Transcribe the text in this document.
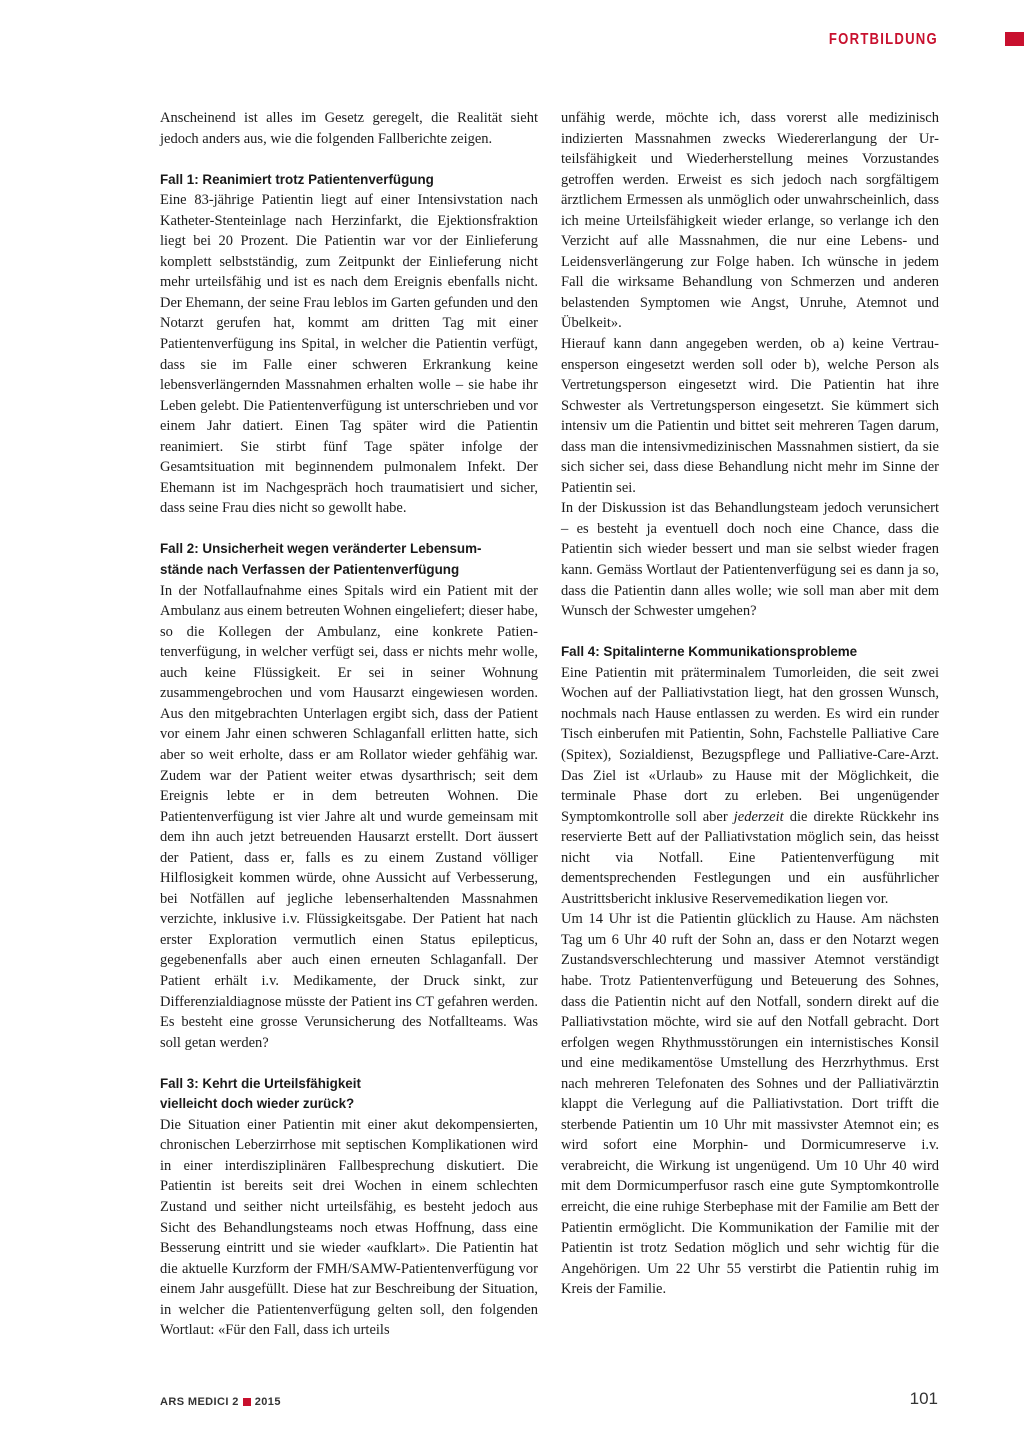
FORTBILDUNG

Anscheinend ist alles im Gesetz geregelt, die Realität sieht jedoch anders aus, wie die folgenden Fallberichte zeigen.

Fall 1: Reanimiert trotz Patientenverfügung

Eine 83-jährige Patientin liegt auf einer Intensivstation nach Katheter-Stenteinlage nach Herzinfarkt, die Ejektionsfraktion liegt bei 20 Prozent. Die Patientin war vor der Einlieferung komplett selbstständig, zum Zeitpunkt der Einlieferung nicht mehr urteilsfähig und ist es nach dem Ereignis ebenfalls nicht. Der Ehemann, der seine Frau leblos im Garten gefunden und den Notarzt gerufen hat, kommt am dritten Tag mit einer Patientenverfügung ins Spital, in welcher die Patientin verfügt, dass sie im Falle einer schweren Erkrankung keine lebensverlängernden Massnahmen erhalten wolle – sie habe ihr Leben gelebt. Die Patientenverfügung ist unterschrieben und vor einem Jahr datiert. Einen Tag später wird die Patientin reanimiert. Sie stirbt fünf Tage später infolge der Gesamtsituation mit beginnendem pulmonalem Infekt. Der Ehemann ist im Nachgespräch hoch traumatisiert und sicher, dass seine Frau dies nicht so gewollt habe.

Fall 2: Unsicherheit wegen veränderter Lebensum-
stände nach Verfassen der Patientenverfügung

In der Notfallaufnahme eines Spitals wird ein Patient mit der Ambulanz aus einem betreuten Wohnen eingeliefert; dieser habe, so die Kollegen der Ambulanz, eine konkrete Patientenverfügung, in welcher verfügt sei, dass er nichts mehr wolle, auch keine Flüssigkeit. Er sei in seiner Wohnung zusammengebrochen und vom Hausarzt eingewiesen worden. Aus den mitgebrachten Unterlagen ergibt sich, dass der Patient vor einem Jahr einen schweren Schlaganfall erlitten hatte, sich aber so weit erholte, dass er am Rollator wieder gehfähig war. Zudem war der Patient weiter etwas dysarthrisch; seit dem Ereignis lebte er in dem betreuten Wohnen. Die Patientenverfügung ist vier Jahre alt und wurde gemeinsam mit dem ihn auch jetzt betreuenden Hausarzt erstellt. Dort äussert der Patient, dass er, falls es zu einem Zustand völliger Hilflosigkeit kommen würde, ohne Aussicht auf Verbesserung, bei Notfällen auf jegliche lebenserhaltenden Massnahmen verzichte, inklusive i.v. Flüssigkeitsgabe. Der Patient hat nach erster Exploration vermutlich einen Status epilepticus, gegebenenfalls aber auch einen erneuten Schlaganfall. Der Patient erhält i.v. Medikamente, der Druck sinkt, zur Differenzialdiagnose müsste der Patient ins CT gefahren werden. Es besteht eine grosse Verunsicherung des Notfallteams. Was soll getan werden?

Fall 3: Kehrt die Urteilsfähigkeit
vielleicht doch wieder zurück?

Die Situation einer Patientin mit einer akut dekompensierten, chronischen Leberzirrhose mit septischen Komplikationen wird in einer interdisziplinären Fallbesprechung diskutiert. Die Patientin ist bereits seit drei Wochen in einem schlechten Zustand und seither nicht urteilsfähig, es besteht jedoch aus Sicht des Behandlungsteams noch etwas Hoffnung, dass eine Besserung eintritt und sie wieder «aufklart». Die Patientin hat die aktuelle Kurzform der FMH/SAMW-Patientenverfügung vor einem Jahr ausgefüllt. Diese hat zur Beschreibung der Situation, in welcher die Patientenverfügung gelten soll, den folgenden Wortlaut: «Für den Fall, dass ich urteils

unfähig werde, möchte ich, dass vorerst alle medizinisch indizierten Massnahmen zwecks Wiedererlangung der Urteilsfähigkeit und Wiederherstellung meines Vorzustandes getroffen werden. Erweist es sich jedoch nach sorgfältigem ärztlichem Ermessen als unmöglich oder unwahrscheinlich, dass ich meine Urteilsfähigkeit wieder erlange, so verlange ich den Verzicht auf alle Massnahmen, die nur eine Lebens- und Leidensverlängerung zur Folge haben. Ich wünsche in jedem Fall die wirksame Behandlung von Schmerzen und anderen belastenden Symptomen wie Angst, Unruhe, Atemnot und Übelkeit».

Hierauf kann dann angegeben werden, ob a) keine Vertrauensperson eingesetzt werden soll oder b), welche Person als Vertretungsperson eingesetzt wird. Die Patientin hat ihre Schwester als Vertretungsperson eingesetzt. Sie kümmert sich intensiv um die Patientin und bittet seit mehreren Tagen darum, dass man die intensivmedizinischen Massnahmen sistiert, da sie sich sicher sei, dass diese Behandlung nicht mehr im Sinne der Patientin sei.

In der Diskussion ist das Behandlungsteam jedoch verunsichert – es besteht ja eventuell doch noch eine Chance, dass die Patientin sich wieder bessert und man sie selbst wieder fragen kann. Gemäss Wortlaut der Patientenverfügung sei es dann ja so, dass die Patientin dann alles wolle; wie soll man aber mit dem Wunsch der Schwester umgehen?

Fall 4: Spitalinterne Kommunikationsprobleme

Eine Patientin mit präterminalem Tumorleiden, die seit zwei Wochen auf der Palliativstation liegt, hat den grossen Wunsch, nochmals nach Hause entlassen zu werden. Es wird ein runder Tisch einberufen mit Patientin, Sohn, Fachstelle Palliative Care (Spitex), Sozialdienst, Bezugspflege und Palliative-Care-Arzt. Das Ziel ist «Urlaub» zu Hause mit der Möglichkeit, die terminale Phase dort zu erleben. Bei ungenügender Symptomkontrolle soll aber jederzeit die direkte Rückkehr ins reservierte Bett auf der Palliativstation möglich sein, das heisst nicht via Notfall. Eine Patientenverfügung mit dementsprechenden Festlegungen und ein ausführlicher Austrittsbericht inklusive Reservemedikation liegen vor.

Um 14 Uhr ist die Patientin glücklich zu Hause. Am nächsten Tag um 6 Uhr 40 ruft der Sohn an, dass er den Notarzt wegen Zustandsverschlechterung und massiver Atemnot verständigt habe. Trotz Patientenverfügung und Beteuerung des Sohnes, dass die Patientin nicht auf den Notfall, sondern direkt auf die Palliativstation möchte, wird sie auf den Notfall gebracht. Dort erfolgen wegen Rhythmusstörungen ein internistisches Konsil und eine medikamentöse Umstellung des Herzrhythmus. Erst nach mehreren Telefonaten des Sohnes und der Palliativärztin klappt die Verlegung auf die Palliativstation. Dort trifft die sterbende Patientin um 10 Uhr mit massivster Atemnot ein; es wird sofort eine Morphin- und Dormicumreserve i.v. verabreicht, die Wirkung ist ungenügend. Um 10 Uhr 40 wird mit dem Dormicumperfusor rasch eine gute Symptomkontrolle erreicht, die eine ruhige Sterbephase mit der Familie am Bett der Patientin ermöglicht. Die Kommunikation der Familie mit der Patientin ist trotz Sedation möglich und sehr wichtig für die Angehörigen. Um 22 Uhr 55 verstirbt die Patientin ruhig im Kreis der Familie.

ARS MEDICI 2 2015	101
